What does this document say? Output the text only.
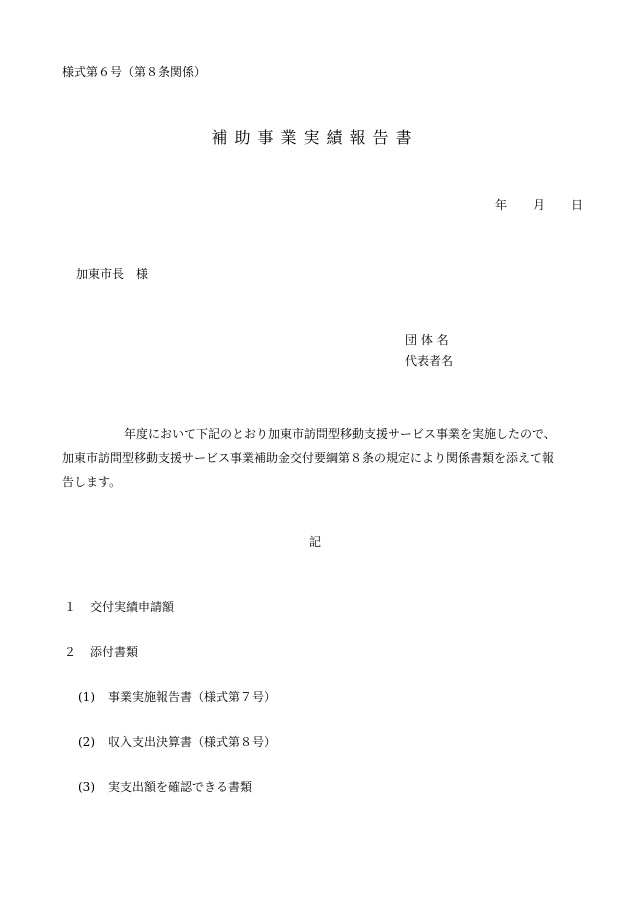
様式第６号（第８条関係）
補助事業実績報告書
年 月 日
加東市長　様
団 体 名
代表者名

年度において下記のとおり加東市訪問型移動支援サービス事業を実施したので、

加東市訪問型移動支援サービス事業補助金交付要綱第８条の規定により関係書類を添えて報

告します。

記
１ 交付実績申請額
２ 添付書類
(1) 事業実施報告書（様式第７号）
(2) 収入支出決算書（様式第８号）
(3) 実支出額を確認できる書類
